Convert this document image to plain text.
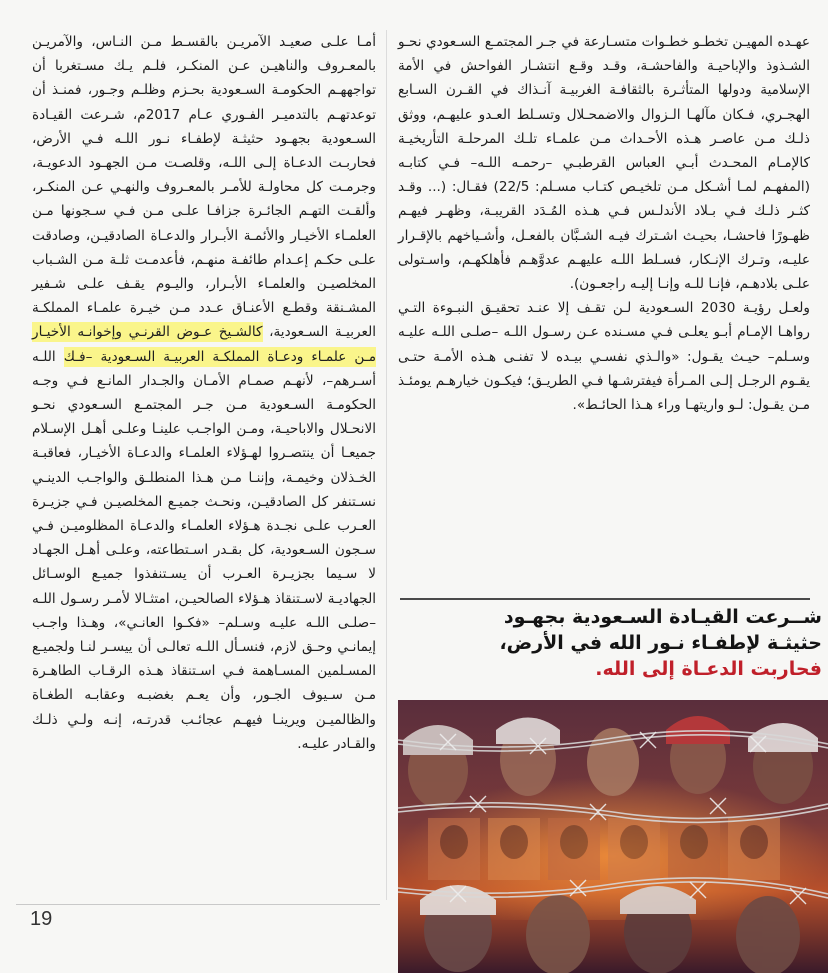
عهـده المهيـن تخطـو خطـوات متسـارعة في جـر المجتمـع السـعودي نحـو الشـذوذ والإباحيـة والفاحشـة، وقـد وقـع انتشـار الفواحش في الأمة الإسلامية ودولها المتأثـرة بالثقافـة الغربيـة آنـذاك في القـرن السـابع الهجـري، فـكان مآلهـا الـزوال والاضمحـلال وتسـلط العـدو عليهـم، ووثق ذلـك مـن عاصـر هـذه الأحـداث مـن علمـاء تلـك المرحلـة التأريخيـة كالإمـام المحـدث أبـي العباس القرطبـي –رحمـه اللـه– فـي كتابـه (المفهـم لمـا أشـكل مـن تلخيـص كتـاب مسـلم: 22/5) فقـال: (... وقـد كثـر ذلـك فـي بـلاد الأندلـس فـي هـذه المُـدَد القريبـة، وظهـر فيهـم ظهـورًا فاحشـا، بحيـث اشـترك فيـه الشـبَّان بالفعـل، وأشـياخهم بالإقـرار عليـه، وتـرك الإنـكار، فسـلط اللـه عليهـم عدوَّهـم فأهلكهـم، واسـتولى علـى بلادهـم، فإنـا للـه وإنـا إليـه راجعـون).

ولعـل رؤيـة 2030 السـعودية لـن تقـف إلا عنـد تحقيـق النبـوءة التـي رواهـا الإمـام أبـو يعلـى فـي مسـنده عـن رسـول اللـه –صلـى اللـه عليـه وسـلم– حيـث يقـول: «والـذي نفسـي بيـده لا تفنـى هـذه الأمـة حتـى يقـوم الرجـل إلـى المـرأة فيفترشـها فـي الطريـق؛ فيكـون خيارهـم يومئـذ مـن يقـول: لـو واريتهـا وراء هـذا الحائـط».

أمـا علـى صعيـد الآمريـن بالقسـط مـن النـاس، والآمريـن بالمعـروف والناهيـن عـن المنكـر، فلـم يـك مسـتغربا أن تواجههـم الحكومـة السـعودية بحـزم وظلـم وجـور، فمنـذ أن توعدتهـم بالتدميـر الفـوري عـام 2017م، شـرعت القيـادة السـعودية بجهـود حثيثـة لإطفـاء نـور اللـه فـي الأرض، فحاربـت الدعـاة إلـى اللـه، وقلصـت مـن الجهـود الدعويـة، وجرمـت كل محاولـة للأمـر بالمعـروف والنهـي عـن المنكـر، وألقـت التهـم الجائـرة جزافـا علـى مـن فـي سـجونها مـن العلمـاء الأخيـار والأئمـة الأبـرار والدعـاة الصادقيـن، وصادقت علـى حكـم إعـدام طائفـة منهـم، فأعدمـت ثلـة مـن الشـباب المخلصيـن والعلمـاء الأبـرار، واليـوم يقـف علـى شـفير المشـنقة وقطـع الأعنـاق عـدد مـن خيـرة علمـاء المملكـة العربيـة السـعودية، كالشـيخ عـوض القرنـي وإخوانـه الأخيـار مـن علمـاء ودعـاة المملكـة العربيـة السـعودية –فـك اللـه أسـرهم–، لأنهـم صمـام الأمـان والجـدار المانـع فـي وجـه الحكومـة السـعودية مـن جـر المجتمـع السـعودي نحـو الانحـلال والاباحيـة، ومـن الواجـب علينـا وعلـى أهـل الإسـلام جميعـا أن ينتصـروا لهـؤلاء العلمـاء والدعـاة الأخيـار، فعاقبـة الخـذلان وخيمـة، وإننـا مـن هـذا المنطلـق والواجـب الدينـي نسـتنفر كل الصادقيـن، ونحـث جميـع المخلصيـن فـي جزيـرة العـرب علـى نجـدة هـؤلاء العلمـاء والدعـاة المظلوميـن فـي سـجون السـعودية، كل بقـدر اسـتطاعته، وعلـى أهـل الجهـاد لا سـيما بجزيـرة العـرب أن يسـتنفذوا جميـع الوسـائل الجهاديـة لاسـتنقاذ هـؤلاء الصالحيـن، امتثـالا لأمـر رسـول اللـه –صلـى اللـه عليـه وسـلم– «فكـوا العانـي»، وهـذا واجـب إيمانـي وحـق لازم، فنسـأل اللـه تعالـى أن ييسـر لنـا ولجميـع المسـلمين المسـاهمة فـي اسـتنقاذ هـذه الرقـاب الطاهـرة مـن سـيوف الجـور، وأن يعـم بغضبـه وعقابـه الطغـاة والظالميـن ويرينـا فيهـم عجائـب قدرتـه، إنـه ولـي ذلـك والقـادر عليـه.

شــرعت القيـادة السـعودية بجهـود
حثيثـة لإطفـاء نـور الله في الأرض،
فحاربت الدعـاة إلى الله.
19
